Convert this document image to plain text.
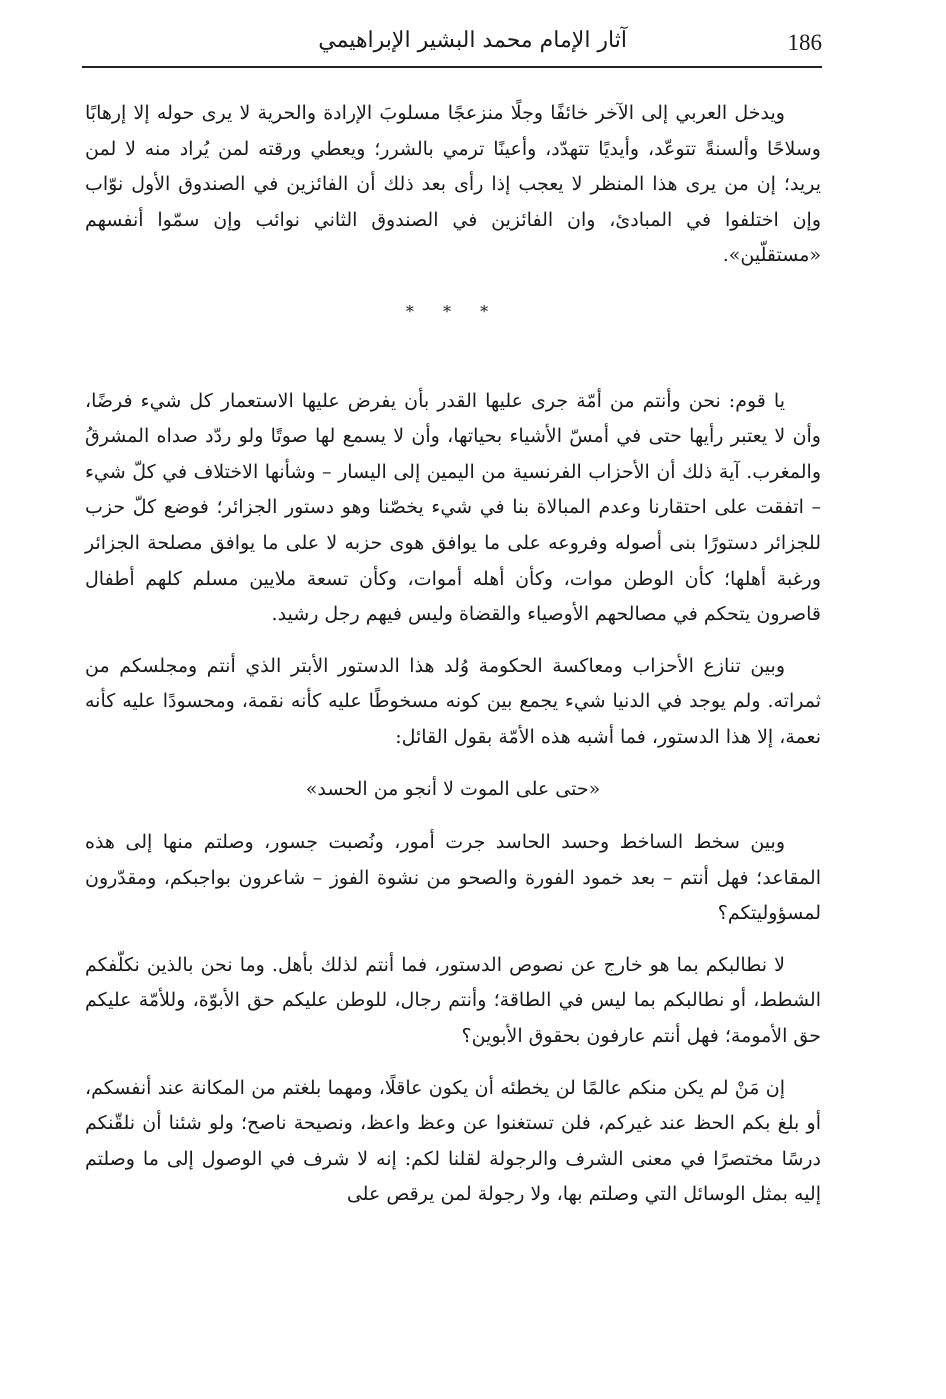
186
آثار الإمام محمد البشير الإبراهيمي

ويدخل العربي إلى الآخر خائفًا وجلًا منزعجًا مسلوبَ الإرادة والحرية لا يرى حوله إلا إرهابًا وسلاحًا وألسنةً تتوعّد، وأيديًا تتهدّد، وأعينًا ترمي بالشرر؛ ويعطي ورقته لمن يُراد منه لا لمن يريد؛ إن من يرى هذا المنظر لا يعجب إذا رأى بعد ذلك أن الفائزين في الصندوق الأول نوّاب وإن اختلفوا في المبادئ، وان الفائزين في الصندوق الثاني نوائب وإن سمّوا أنفسهم «مستقلّين».

* * *

يا قوم: نحن وأنتم من أمّة جرى عليها القدر بأن يفرض عليها الاستعمار كل شيء فرضًا، وأن لا يعتبر رأيها حتى في أمسّ الأشياء بحياتها، وأن لا يسمع لها صوتًا ولو ردّد صداه المشرقُ والمغرب. آية ذلك أن الأحزاب الفرنسية من اليمين إلى اليسار – وشأنها الاختلاف في كلّ شيء – اتفقت على احتقارنا وعدم المبالاة بنا في شيء يخصّنا وهو دستور الجزائر؛ فوضع كلّ حزب للجزائر دستورًا بنى أصوله وفروعه على ما يوافق هوى حزبه لا على ما يوافق مصلحة الجزائر ورغبة أهلها؛ كأن الوطن موات، وكأن أهله أموات، وكأن تسعة ملايين مسلم كلهم أطفال قاصرون يتحكم في مصالحهم الأوصياء والقضاة وليس فيهم رجل رشيد.

وبين تنازع الأحزاب ومعاكسة الحكومة وُلد هذا الدستور الأبتر الذي أنتم ومجلسكم من ثمراته. ولم يوجد في الدنيا شيء يجمع بين كونه مسخوطًا عليه كأنه نقمة، ومحسودًا عليه كأنه نعمة، إلا هذا الدستور، فما أشبه هذه الأمّة بقول القائل:

«حتى على الموت لا أنجو من الحسد»

وبين سخط الساخط وحسد الحاسد جرت أمور، ونُصبت جسور، وصلتم منها إلى هذه المقاعد؛ فهل أنتم – بعد خمود الفورة والصحو من نشوة الفوز – شاعرون بواجبكم، ومقدّرون لمسؤوليتكم؟

لا نطالبكم بما هو خارج عن نصوص الدستور، فما أنتم لذلك بأهل. وما نحن بالذين نكلّفكم الشطط، أو نطالبكم بما ليس في الطاقة؛ وأنتم رجال، للوطن عليكم حق الأبوّة، وللأمّة عليكم حق الأمومة؛ فهل أنتم عارفون بحقوق الأبوين؟

إن مَنْ لم يكن منكم عالمًا لن يخطئه أن يكون عاقلًا، ومهما بلغتم من المكانة عند أنفسكم، أو بلغ بكم الحظ عند غيركم، فلن تستغنوا عن وعظ واعظ، ونصيحة ناصح؛ ولو شئنا أن نلقّنكم درسًا مختصرًا في معنى الشرف والرجولة لقلنا لكم: إنه لا شرف في الوصول إلى ما وصلتم إليه بمثل الوسائل التي وصلتم بها، ولا رجولة لمن يرقص على
